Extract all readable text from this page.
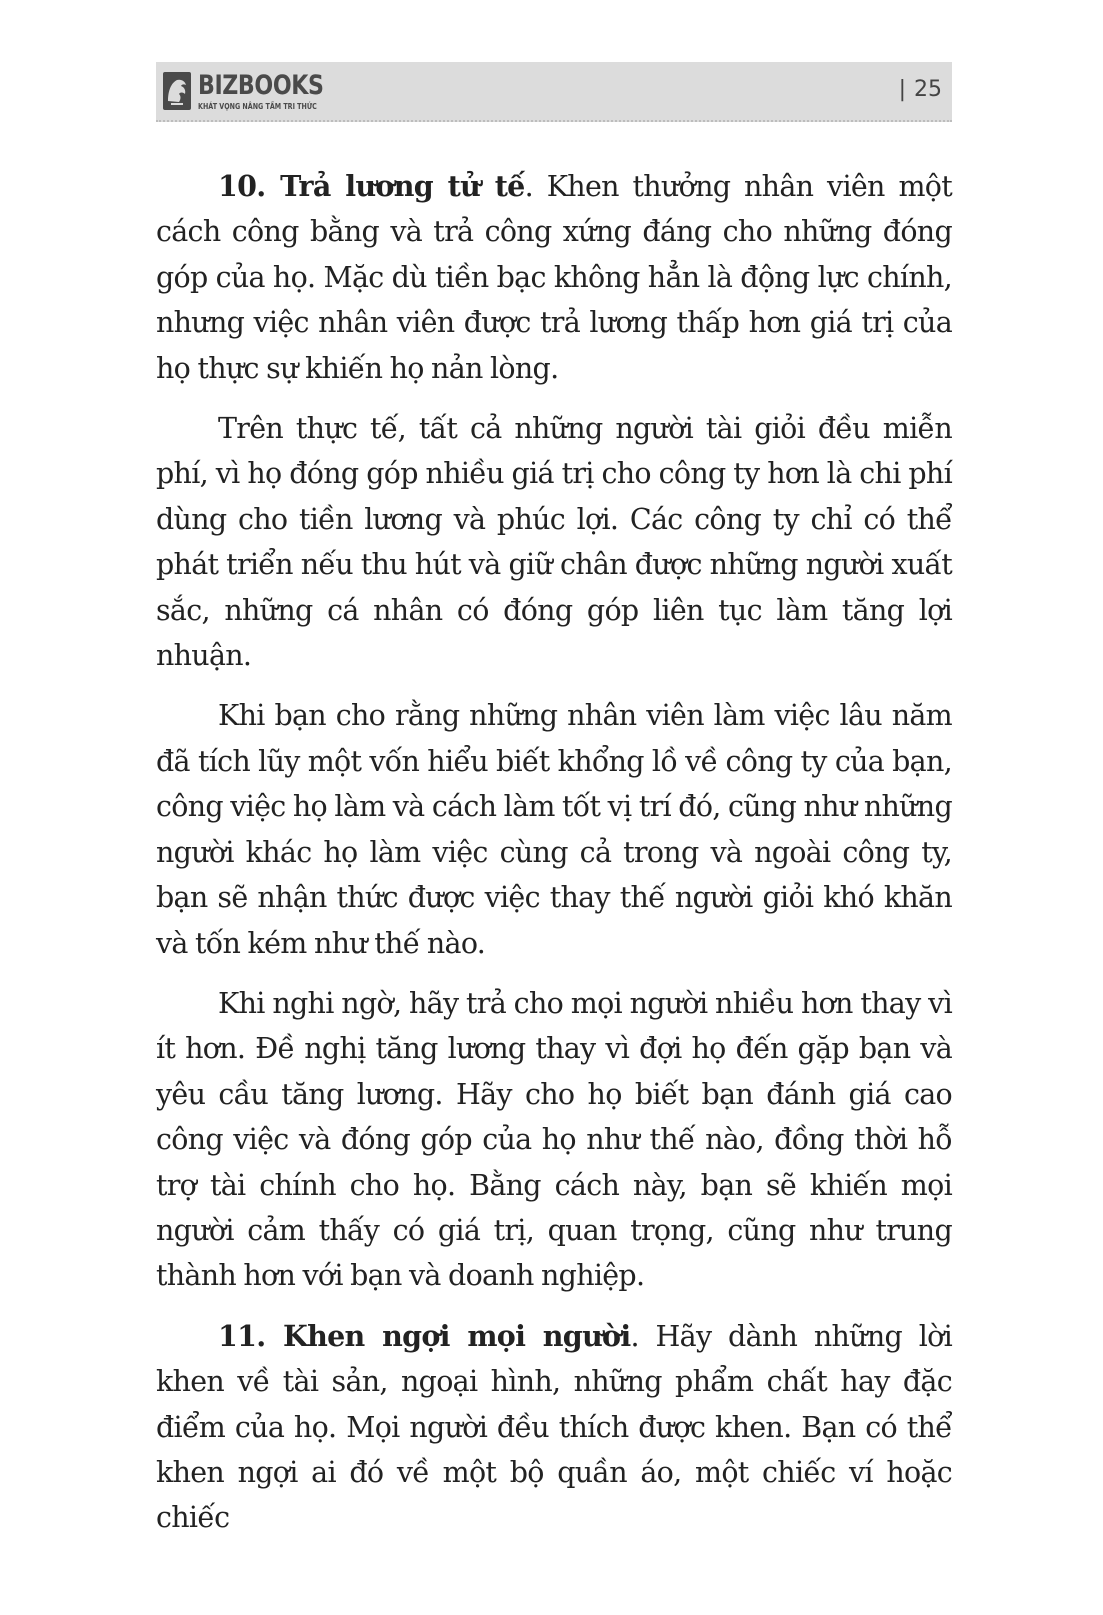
BIZBOOKS
KHÁT VỌNG NÂNG TẦM TRI THỨC
| 25

10. Trả lương tử tế. Khen thưởng nhân viên một cách công bằng và trả công xứng đáng cho những đóng góp của họ. Mặc dù tiền bạc không hẳn là động lực chính, nhưng việc nhân viên được trả lương thấp hơn giá trị của họ thực sự khiến họ nản lòng.

Trên thực tế, tất cả những người tài giỏi đều miễn phí, vì họ đóng góp nhiều giá trị cho công ty hơn là chi phí dùng cho tiền lương và phúc lợi. Các công ty chỉ có thể phát triển nếu thu hút và giữ chân được những người xuất sắc, những cá nhân có đóng góp liên tục làm tăng lợi nhuận.

Khi bạn cho rằng những nhân viên làm việc lâu năm đã tích lũy một vốn hiểu biết khổng lồ về công ty của bạn, công việc họ làm và cách làm tốt vị trí đó, cũng như những người khác họ làm việc cùng cả trong và ngoài công ty, bạn sẽ nhận thức được việc thay thế người giỏi khó khăn và tốn kém như thế nào.

Khi nghi ngờ, hãy trả cho mọi người nhiều hơn thay vì ít hơn. Đề nghị tăng lương thay vì đợi họ đến gặp bạn và yêu cầu tăng lương. Hãy cho họ biết bạn đánh giá cao công việc và đóng góp của họ như thế nào, đồng thời hỗ trợ tài chính cho họ. Bằng cách này, bạn sẽ khiến mọi người cảm thấy có giá trị, quan trọng, cũng như trung thành hơn với bạn và doanh nghiệp.

11. Khen ngợi mọi người. Hãy dành những lời khen về tài sản, ngoại hình, những phẩm chất hay đặc điểm của họ. Mọi người đều thích được khen. Bạn có thể khen ngợi ai đó về một bộ quần áo, một chiếc ví hoặc chiếc
